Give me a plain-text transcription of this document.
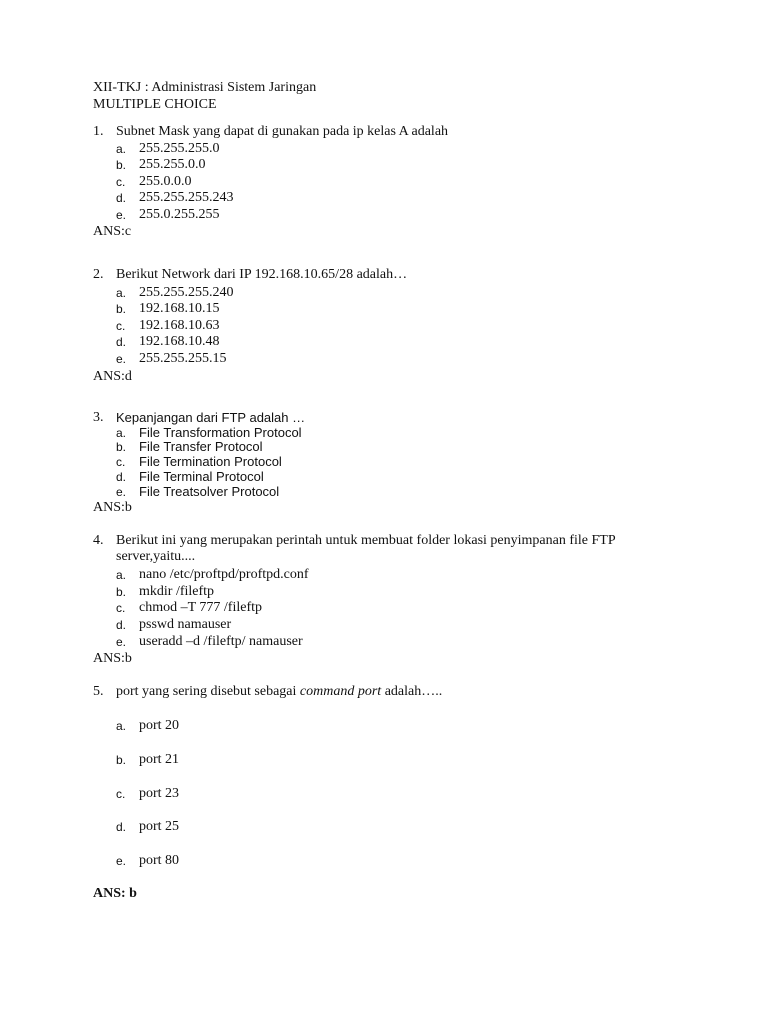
XII-TKJ : Administrasi Sistem Jaringan
MULTIPLE CHOICE
1. Subnet Mask yang dapat di gunakan pada ip kelas A adalah
a. 255.255.255.0
b. 255.255.0.0
c. 255.0.0.0
d. 255.255.255.243
e. 255.0.255.255
ANS:c
2. Berikut Network dari IP 192.168.10.65/28 adalah…
a. 255.255.255.240
b. 192.168.10.15
c. 192.168.10.63
d. 192.168.10.48
e. 255.255.255.15
ANS:d
3. Kepanjangan dari FTP adalah …
a. File Transformation Protocol
b. File Transfer Protocol
c. File Termination Protocol
d. File Terminal Protocol
e. File Treatsolver Protocol
ANS:b
4. Berikut ini yang merupakan perintah untuk membuat folder lokasi penyimpanan file FTP
server,yaitu....
a. nano /etc/proftpd/proftpd.conf
b. mkdir /fileftp
c. chmod –T 777 /fileftp
d. psswd namauser
e. useradd –d /fileftp/ namauser
ANS:b
5. port yang sering disebut sebagai command port adalah…..
a. port 20
b. port 21
c. port 23
d. port 25
e. port 80
ANS: b
